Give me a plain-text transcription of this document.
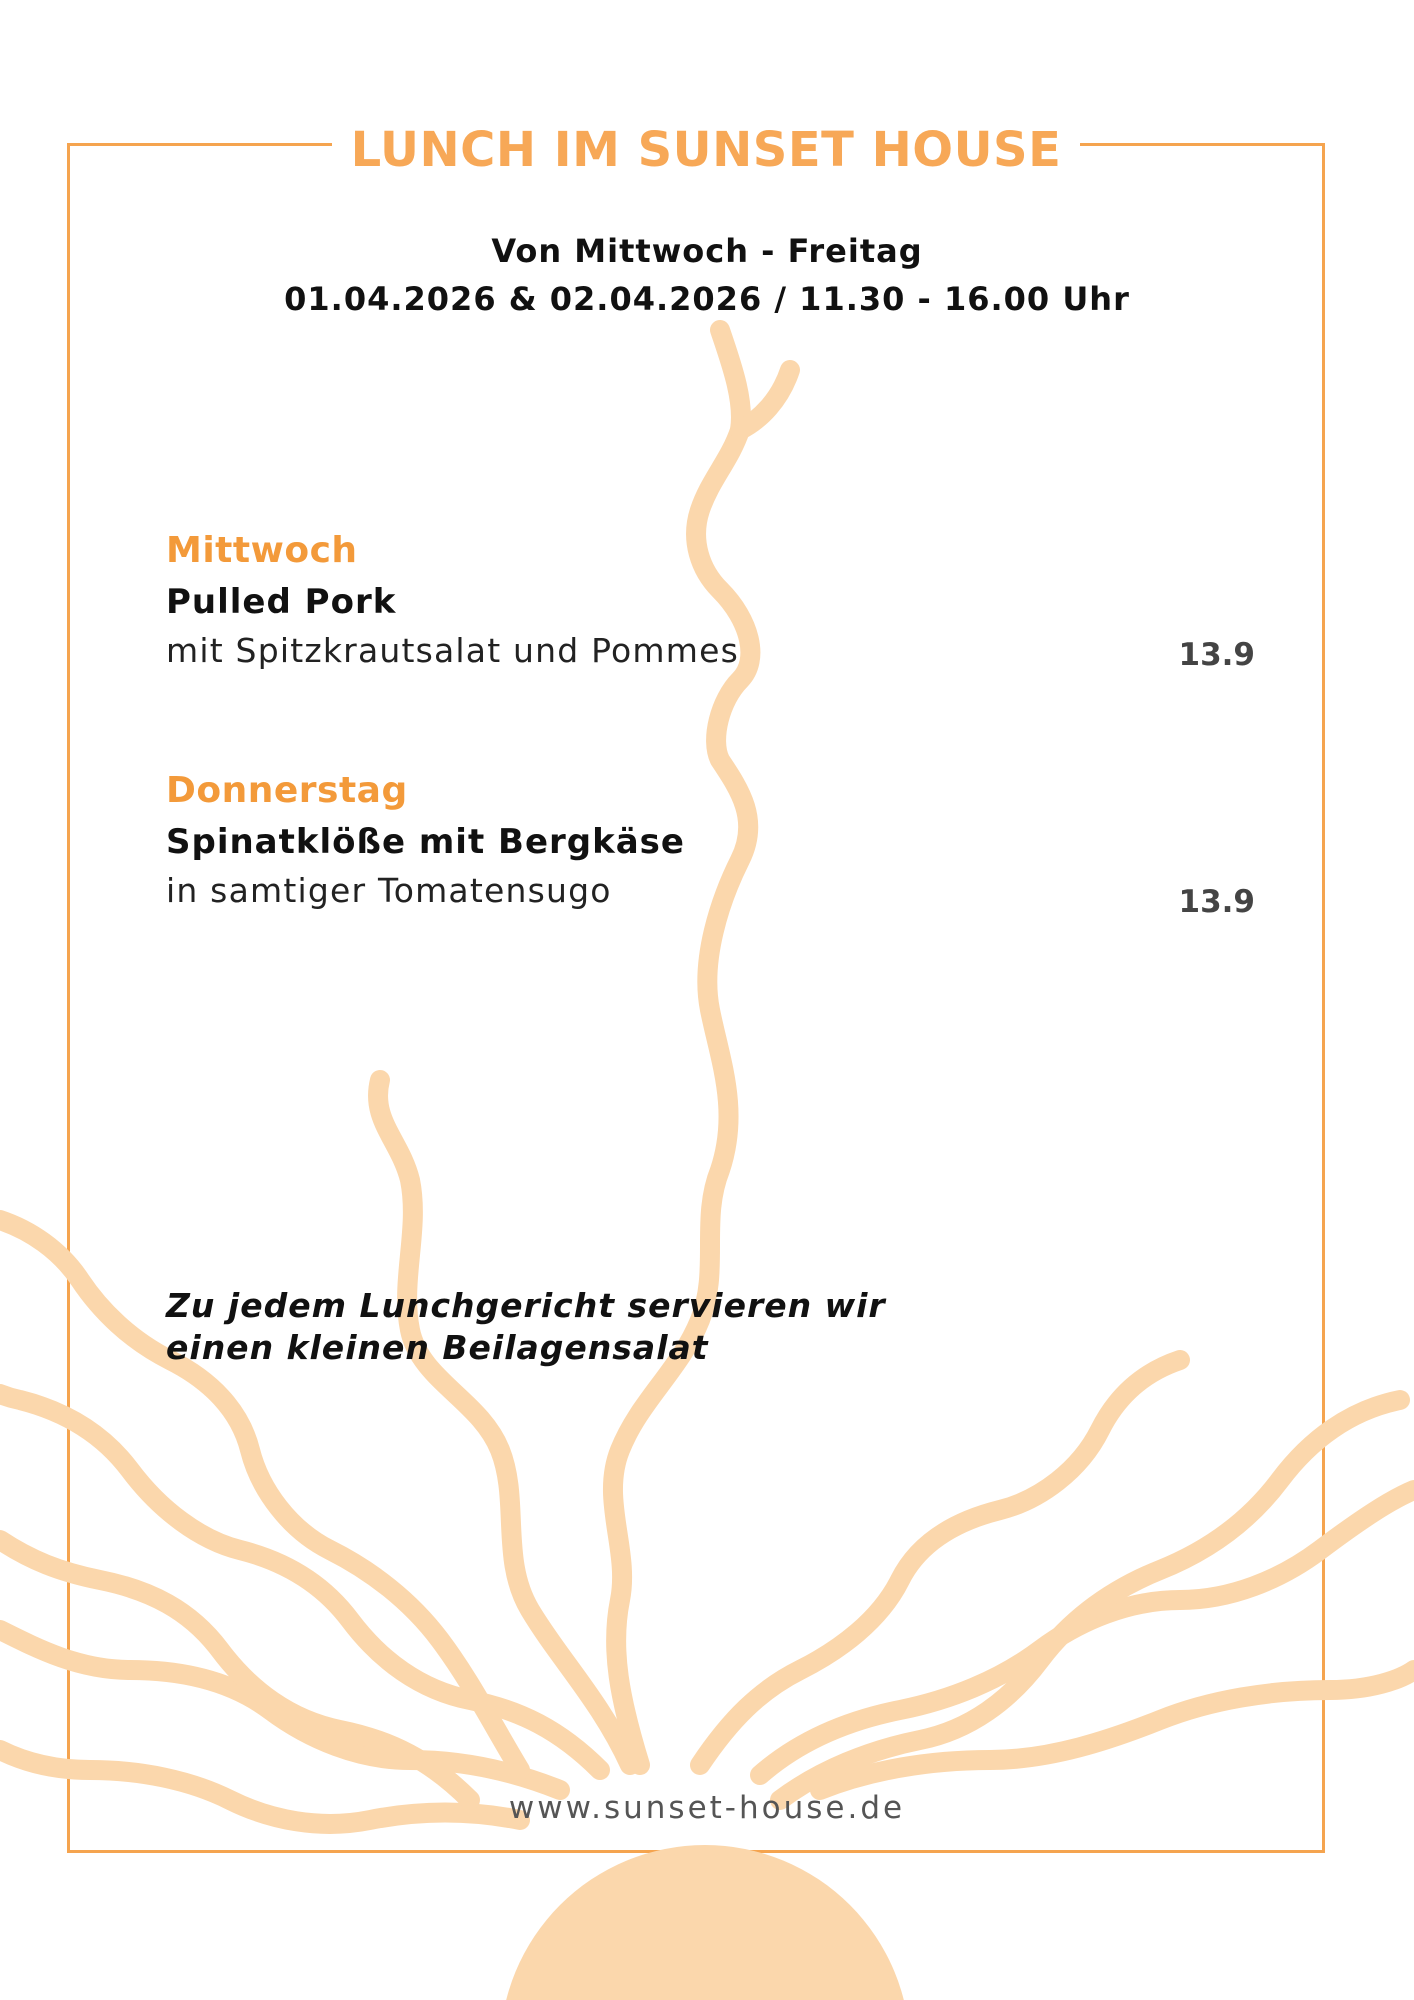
LUNCH IM SUNSET HOUSE
Von Mittwoch - Freitag
01.04.2026 & 02.04.2026 / 11.30 - 16.00 Uhr
Mittwoch
Pulled Pork
mit Spitzkrautsalat und Pommes	13.9
Donnerstag
Spinatklöße mit Bergkäse
in samtiger Tomatensugo	13.9
Zu jedem Lunchgericht servieren wir
einen kleinen Beilagensalat
www.sunset-house.de
